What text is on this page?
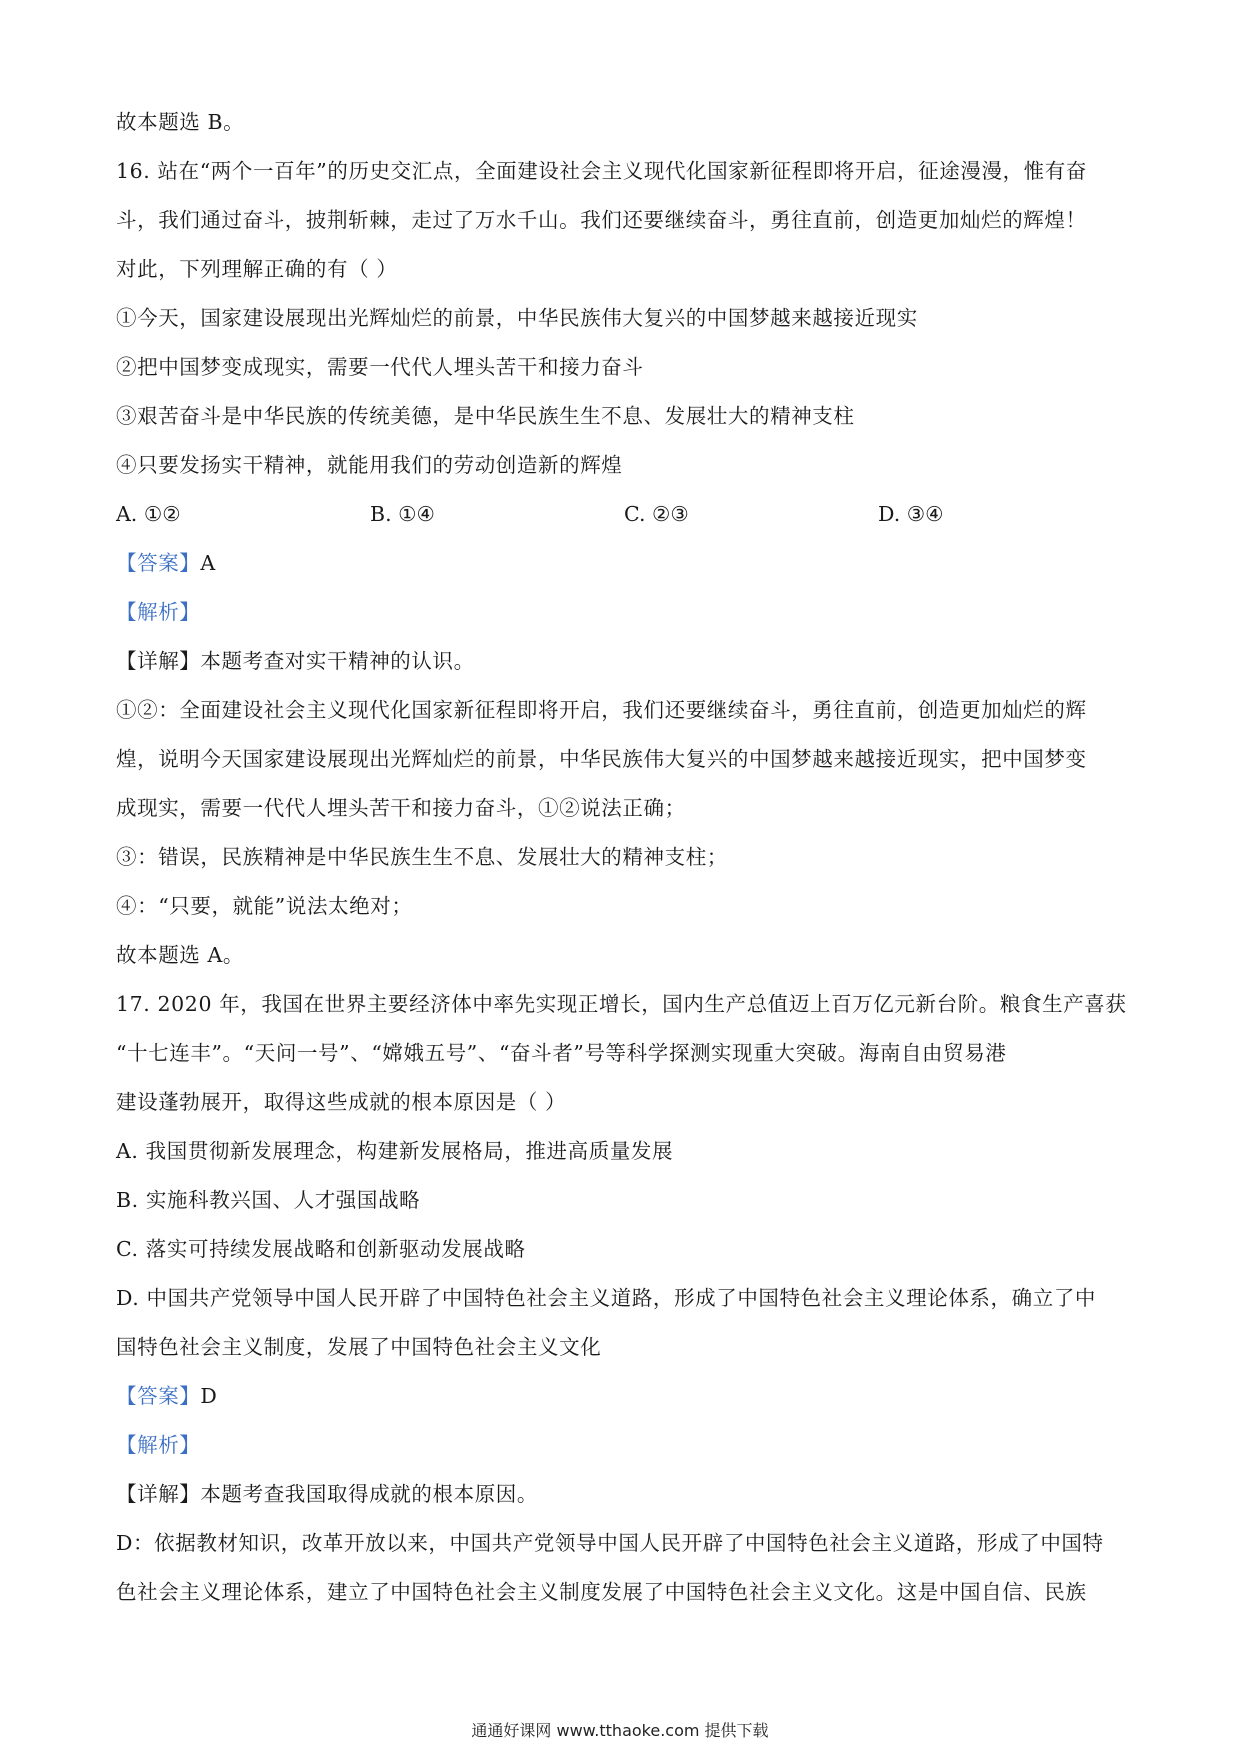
故本题选 B。
16. 站在“两个一百年”的历史交汇点，全面建设社会主义现代化国家新征程即将开启，征途漫漫，惟有奋
斗，我们通过奋斗，披荆斩棘，走过了万水千山。我们还要继续奋斗，勇往直前，创造更加灿烂的辉煌！
对此，下列理解正确的有（ ）
①今天，国家建设展现出光辉灿烂的前景，中华民族伟大复兴的中国梦越来越接近现实
②把中国梦变成现实，需要一代代人埋头苦干和接力奋斗
③艰苦奋斗是中华民族的传统美德，是中华民族生生不息、发展壮大的精神支柱
④只要发扬实干精神，就能用我们的劳动创造新的辉煌
A. ①②	B. ①④	C. ②③	D. ③④
【答案】A
【解析】
【详解】本题考查对实干精神的认识。
①②：全面建设社会主义现代化国家新征程即将开启，我们还要继续奋斗，勇往直前，创造更加灿烂的辉
煌，说明今天国家建设展现出光辉灿烂的前景，中华民族伟大复兴的中国梦越来越接近现实，把中国梦变
成现实，需要一代代人埋头苦干和接力奋斗，①②说法正确；
③：错误，民族精神是中华民族生生不息、发展壮大的精神支柱；
④：“只要，就能”说法太绝对；
故本题选 A。
17. 2020 年，我国在世界主要经济体中率先实现正增长，国内生产总值迈上百万亿元新台阶。粮食生产喜获
“十七连丰”。“天问一号”、“嫦娥五号”、“奋斗者”号等科学探测实现重大突破。海南自由贸易港
建设蓬勃展开，取得这些成就的根本原因是（ ）
A. 我国贯彻新发展理念，构建新发展格局，推进高质量发展
B. 实施科教兴国、人才强国战略
C. 落实可持续发展战略和创新驱动发展战略
D. 中国共产党领导中国人民开辟了中国特色社会主义道路，形成了中国特色社会主义理论体系，确立了中
国特色社会主义制度，发展了中国特色社会主义文化
【答案】D
【解析】
【详解】本题考查我国取得成就的根本原因。
D：依据教材知识，改革开放以来，中国共产党领导中国人民开辟了中国特色社会主义道路，形成了中国特
色社会主义理论体系，建立了中国特色社会主义制度发展了中国特色社会主义文化。这是中国自信、民族
通通好课网 www.tthaoke.com 提供下载
